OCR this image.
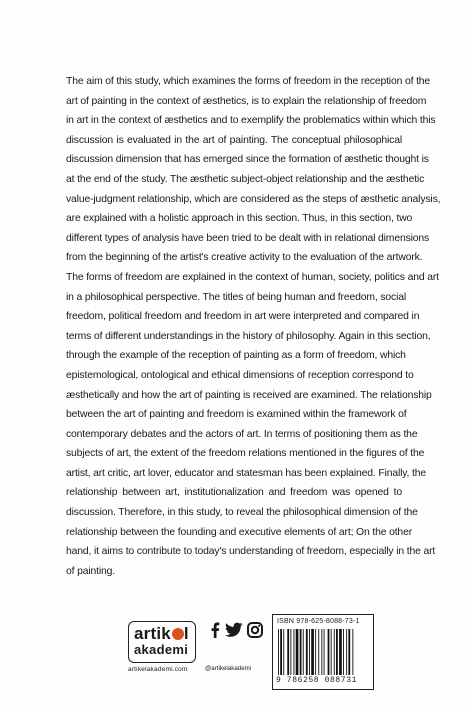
The aim of this study, which examines the forms of freedom in the reception of the
art of painting in the context of æsthetics, is to explain the relationship of freedom
in art in the context of æsthetics and to exemplify the problematics within which this
discussion is evaluated in the art of painting. The conceptual philosophical
discussion dimension that has emerged since the formation of æsthetic thought is
at the end of the study. The æsthetic subject-object relationship and the æsthetic
value-judgment relationship, which are considered as the steps of æsthetic analysis,
are explained with a holistic approach in this section. Thus, in this section, two
different types of analysis have been tried to be dealt with in relational dimensions
from the beginning of the artist's creative activity to the evaluation of the artwork.
The forms of freedom are explained in the context of human, society, politics and art
in a philosophical perspective. The titles of being human and freedom, social
freedom, political freedom and freedom in art were interpreted and compared in
terms of different understandings in the history of philosophy. Again in this section,
through the example of the reception of painting as a form of freedom, which
epistemological, ontological and ethical dimensions of reception correspond to
æsthetically and how the art of painting is received are examined. The relationship
between the art of painting and freedom is examined within the framework of
contemporary debates and the actors of art. In terms of positioning them as the
subjects of art, the extent of the freedom relations mentioned in the figures of the
artist, art critic, art lover, educator and statesman has been explained. Finally, the
relationship between art, institutionalization and freedom was opened to
discussion. Therefore, in this study, to reveal the philosophical dimension of the
relationship between the founding and executive elements of art; On the other
hand, it aims to contribute to today's understanding of freedom, especially in the art
of painting.
artik l
akademi
artikelakademi.com	@artikelakademi
ISBN 978-625-8088-73-1
9 786258 088731
